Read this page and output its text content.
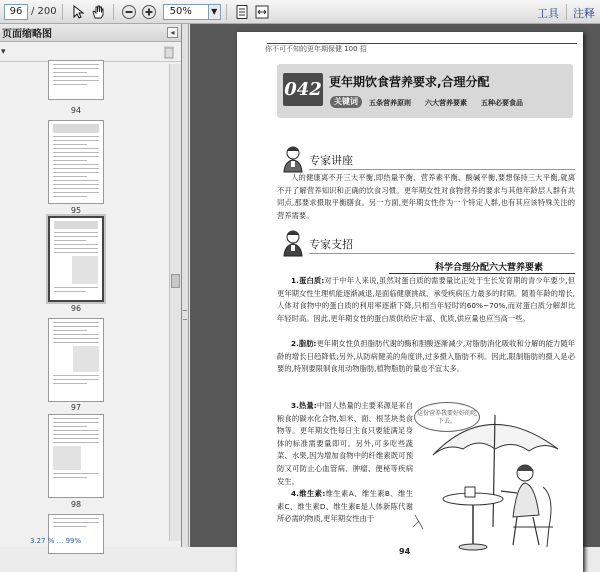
96 / 200	50%	▼	工具 注释
页面缩略图	◂
▾
94
95
96
97
98
3.27 % ... 99%
你不可不知的更年期保健 100 招
042 更年期饮食营养要求,合理分配
关键词	五条营养原则 六大营养要素 五种必要食品
专家讲座
人的健康离不开三大平衡,即热量平衡、营养素平衡、酸碱平衡,要想保持三大平衡,就离不开了解营养知识和正确的饮食习惯。更年期女性对食物营养的要求与其他年龄层人群有共同点,那要求摄取平衡膳食。另一方面,更年期女性作为一个特定人群,也有其应该特殊关注的营养需要。
专家支招
科学合理分配六大营养要素
1.蛋白质:对于中年人来说,虽然对蛋白质的需要量比正处于生长发育期的青少年要少,但更年期女性生理机能逐渐减退,是面临健康挑战、承受疾病压力最多的时期。随着年龄的增长,人体对食物中的蛋白质的利用率逐渐下降,只相当年轻时的60%~70%,而对蛋白质分解却比年轻时高。因此,更年期女性的蛋白质供给应丰富、优质,供应量也应当高一些。
2.脂肪:更年期女性负担脂肪代谢的酶和胆酸逐渐减少,对脂肪消化吸收和分解的能力随年龄的增长日趋降低;另外,从防病健美的角度讲,过多摄入脂肪不利。因此,限制脂肪的摄入是必要的,特别要限制食用动物脂肪,植物脂肪的量也不宜太多。
这份营养我要好好的吃下去。
3.热量:中国人热量的主要来源是来自粮食的碳水化合物,如米、面、根茎块类食物等。更年期女性每日主食只要能满足身体的标准需要量即可。另外,可多吃些蔬菜、水果,因为增加食物中的纤维素既可预防又可防止心血管病、肿瘤、便秘等疾病发生。
4.维生素:维生素A、维生素B、维生素C、维生素D、维生素E是人体新陈代谢所必需的物质,更年期女性由于
94
